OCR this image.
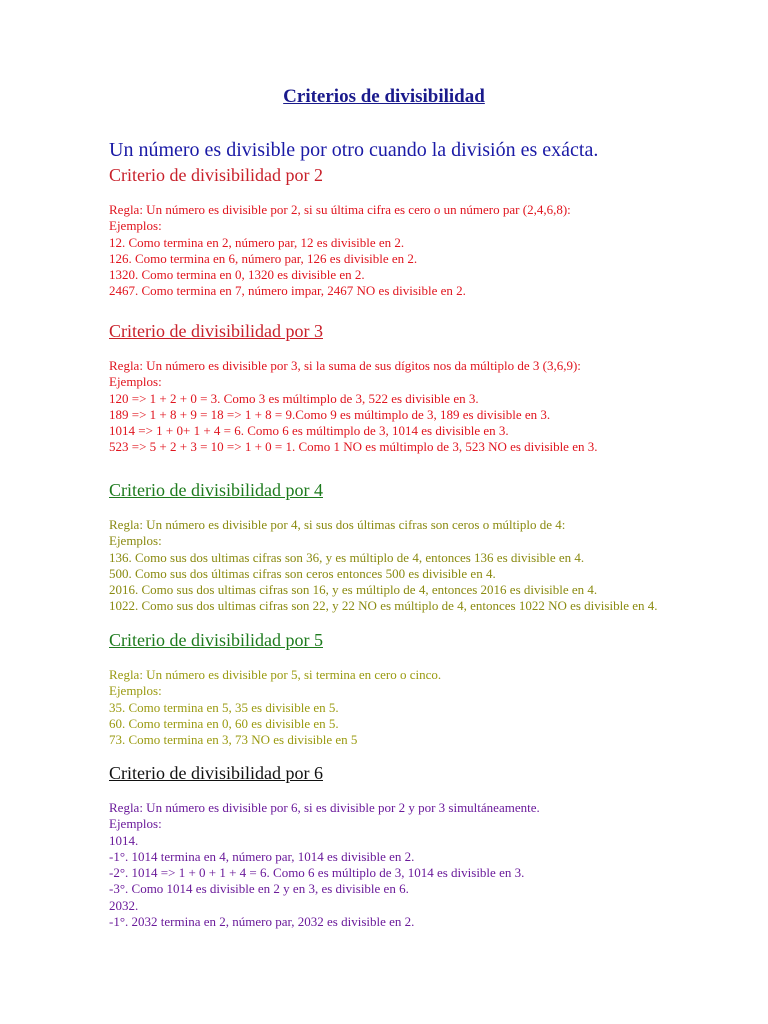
Criterios de divisibilidad
Un número es divisible por otro cuando la división es exácta.
Criterio de divisibilidad por 2
Regla: Un número es divisible por 2, si su última cifra es cero o un número par (2,4,6,8):
Ejemplos:
12. Como termina en 2, número par, 12 es divisible en 2.
126. Como termina en 6, número par, 126 es divisible en 2.
1320. Como termina en 0, 1320 es divisible en 2.
2467. Como termina en 7, número impar, 2467 NO es divisible en 2.
Criterio de divisibilidad por 3
Regla: Un número es divisible por 3, si la suma de sus dígitos nos da múltiplo de 3 (3,6,9):
Ejemplos:
120 => 1 + 2 + 0 = 3. Como 3 es múltimplo de 3, 522 es divisible en 3.
189 => 1 + 8 + 9 = 18 => 1 + 8 = 9.Como 9 es múltimplo de 3, 189 es divisible en 3.
1014 => 1 + 0+ 1 + 4 = 6. Como 6 es múltimplo de 3, 1014 es divisible en 3.
523 => 5 + 2 + 3 = 10 => 1 + 0 = 1. Como 1 NO es múltimplo de 3, 523 NO es divisible en 3.
Criterio de divisibilidad por 4
Regla: Un número es divisible por 4, si sus dos últimas cifras son ceros o múltiplo de 4:
Ejemplos:
136. Como sus dos ultimas cifras son 36, y es múltiplo de 4, entonces 136 es divisible en 4.
500. Como sus dos últimas cifras son ceros entonces 500 es divisible en 4.
2016. Como sus dos ultimas cifras son 16, y es múltiplo de 4, entonces 2016 es divisible en 4.
1022. Como sus dos ultimas cifras son 22, y 22 NO es múltiplo de 4, entonces 1022 NO es divisible en 4.
Criterio de divisibilidad por 5
Regla: Un número es divisible por 5, si termina en cero o cinco.
Ejemplos:
35. Como termina en 5, 35 es divisible en 5.
60. Como termina en 0, 60 es divisible en 5.
73. Como termina en 3, 73 NO es divisible en 5
Criterio de divisibilidad por 6
Regla: Un número es divisible por 6, si es divisible por 2 y por 3 simultáneamente.
Ejemplos:
1014.
-1°. 1014 termina en 4, número par, 1014 es divisible en 2.
-2°. 1014 => 1 + 0 + 1 + 4 = 6. Como 6 es múltiplo de 3, 1014 es divisible en 3.
-3°. Como 1014 es divisible en 2 y en 3, es divisible en 6.
2032.
-1°. 2032 termina en 2, número par, 2032 es divisible en 2.
